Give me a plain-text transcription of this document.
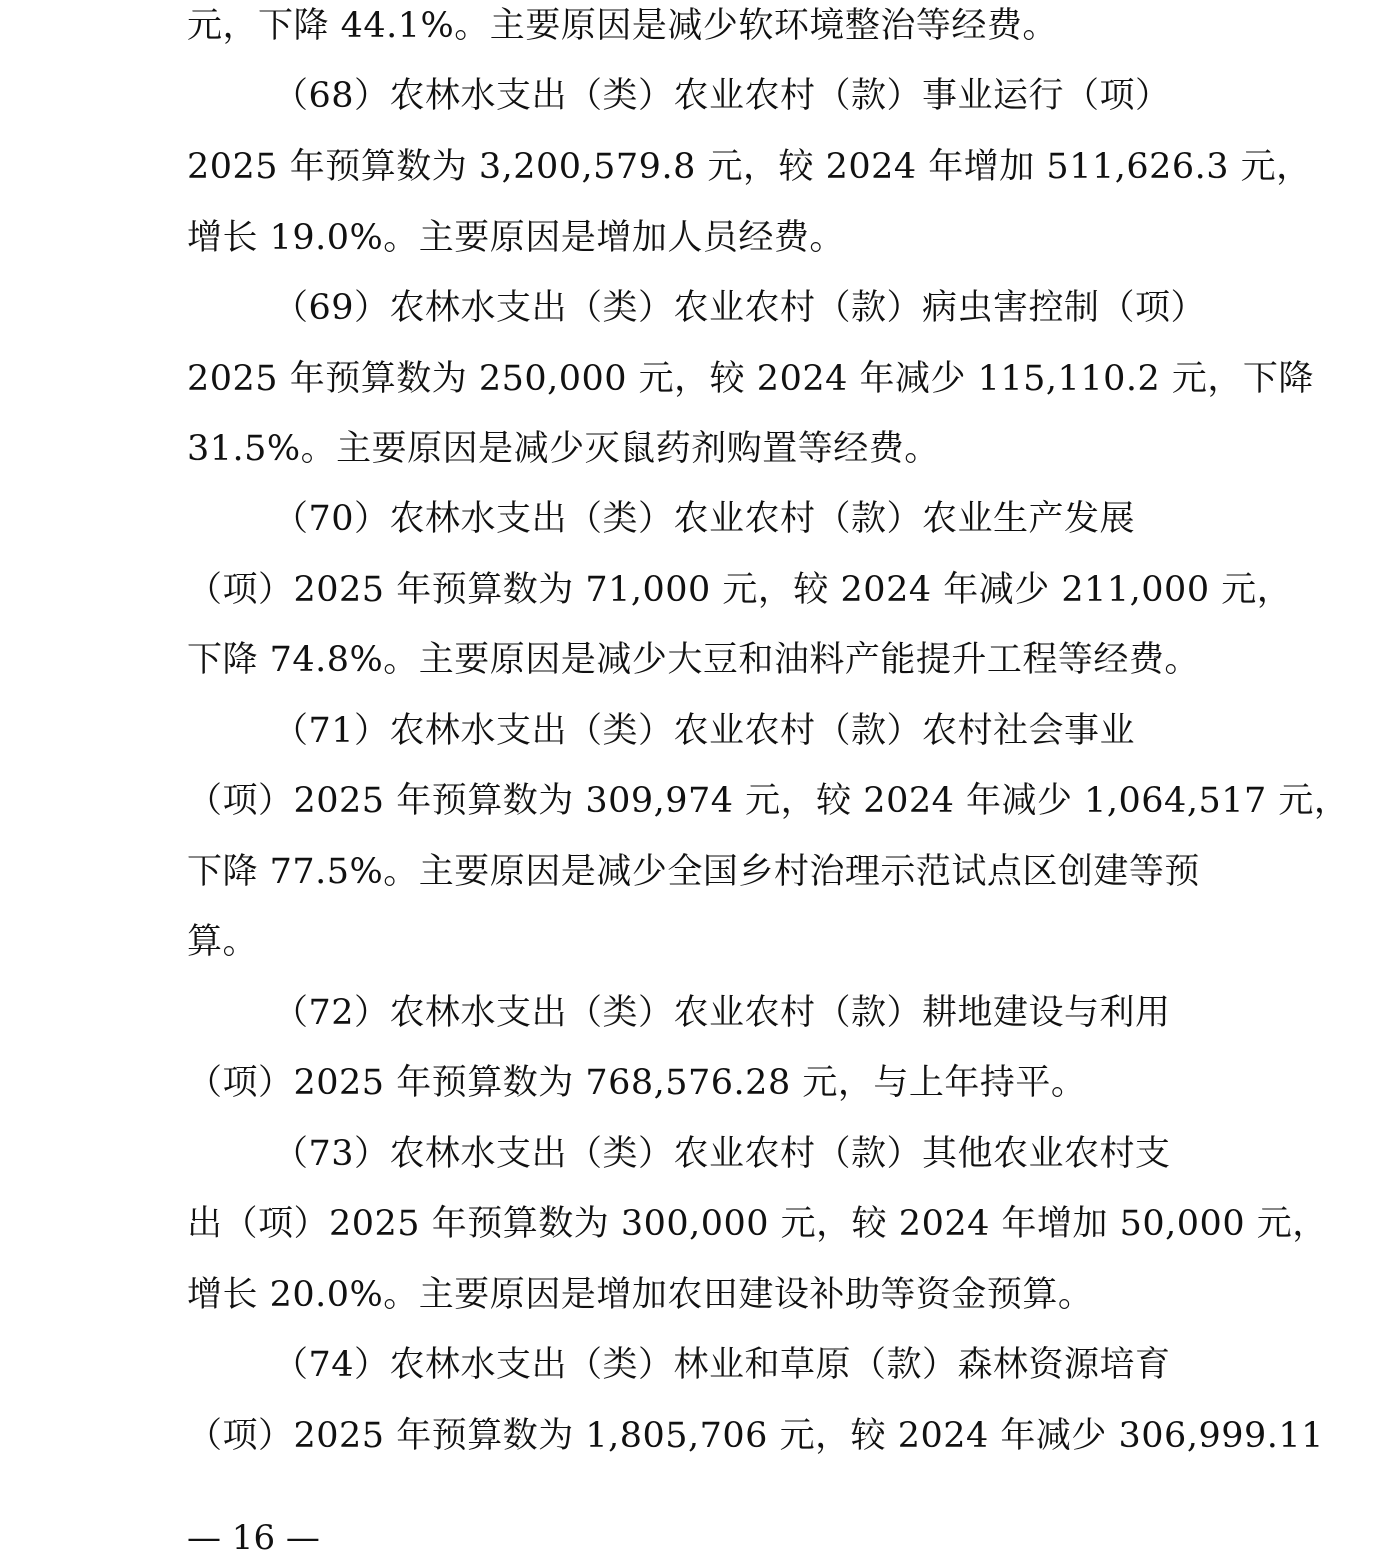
元，下降 44.1%。主要原因是减少软环境整治等经费。
（68）农林水支出（类）农业农村（款）事业运行（项）
2025 年预算数为 3,200,579.8 元，较 2024 年增加 511,626.3 元，
增长 19.0%。主要原因是增加人员经费。
（69）农林水支出（类）农业农村（款）病虫害控制（项）
2025 年预算数为 250,000 元，较 2024 年减少 115,110.2 元，下降
31.5%。主要原因是减少灭鼠药剂购置等经费。
（70）农林水支出（类）农业农村（款）农业生产发展
（项）2025 年预算数为 71,000 元，较 2024 年减少 211,000 元，
下降 74.8%。主要原因是减少大豆和油料产能提升工程等经费。
（71）农林水支出（类）农业农村（款）农村社会事业
（项）2025 年预算数为 309,974 元，较 2024 年减少 1,064,517 元，
下降 77.5%。主要原因是减少全国乡村治理示范试点区创建等预
算。
（72）农林水支出（类）农业农村（款）耕地建设与利用
（项）2025 年预算数为 768,576.28 元，与上年持平。
（73）农林水支出（类）农业农村（款）其他农业农村支
出（项）2025 年预算数为 300,000 元，较 2024 年增加 50,000 元，
增长 20.0%。主要原因是增加农田建设补助等资金预算。
（74）农林水支出（类）林业和草原（款）森林资源培育
（项）2025 年预算数为 1,805,706 元，较 2024 年减少 306,999.11
— 16 —
